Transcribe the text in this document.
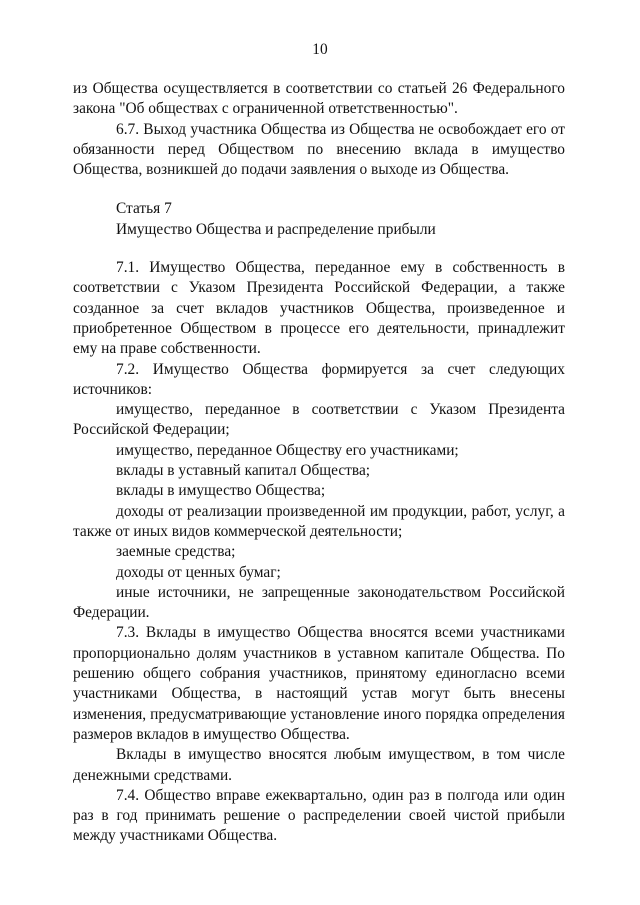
10

из Общества осуществляется в соответствии со статьей 26 Федерального закона "Об обществах с ограниченной ответственностью".

6.7. Выход участника Общества из Общества не освобождает его от обязанности перед Обществом по внесению вклада в имущество Общества, возникшей до подачи заявления о выходе из Общества.

Статья 7

Имущество Общества и распределение прибыли

7.1. Имущество Общества, переданное ему в собственность в соответствии с Указом Президента Российской Федерации, а также созданное за счет вкладов участников Общества, произведенное и приобретенное Обществом в процессе его деятельности, принадлежит ему на праве собственности.

7.2. Имущество Общества формируется за счет следующих источников:

имущество, переданное в соответствии с Указом Президента Российской Федерации;

имущество, переданное Обществу его участниками;

вклады в уставный капитал Общества;

вклады в имущество Общества;

доходы от реализации произведенной им продукции, работ, услуг, а также от иных видов коммерческой деятельности;

заемные средства;

доходы от ценных бумаг;

иные источники, не запрещенные законодательством Российской Федерации.

7.3. Вклады в имущество Общества вносятся всеми участниками пропорционально долям участников в уставном капитале Общества. По решению общего собрания участников, принятому единогласно всеми участниками Общества, в настоящий устав могут быть внесены изменения, предусматривающие установление иного порядка определения размеров вкладов в имущество Общества.

Вклады в имущество вносятся любым имуществом, в том числе денежными средствами.

7.4. Общество вправе ежеквартально, один раз в полгода или один раз в год принимать решение о распределении своей чистой прибыли между участниками Общества.
